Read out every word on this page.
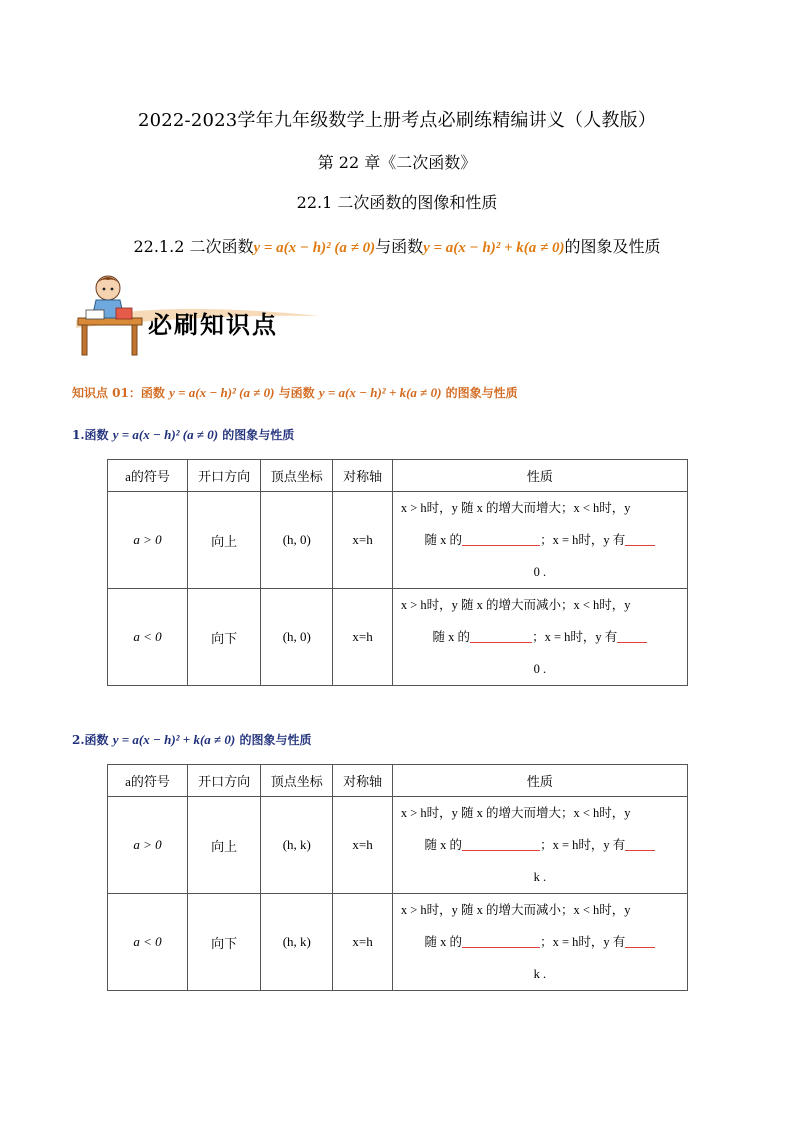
2022-2023学年九年级数学上册考点必刷练精编讲义（人教版）
第 22 章《二次函数》
22.1 二次函数的图像和性质
22.1.2 二次函数y = a(x − h)² (a ≠ 0)与函数y = a(x − h)² + k(a ≠ 0)的图象及性质
必刷知识点
知识点 01：函数 y = a(x − h)² (a ≠ 0) 与函数 y = a(x − h)² + k(a ≠ 0) 的图象与性质
1.函数 y = a(x − h)² (a ≠ 0) 的图象与性质
a的符号	开口方向	顶点坐标	对称轴	性质
a > 0	向上	(h, 0)	x=h	x > h时，y 随 x 的增大而增大；x < h时，y
随 x 的 ；x = h时，y 有
0 .

a < 0	向下	(h, 0)	x=h	x > h时，y 随 x 的增大而减小；x < h时，y
随 x 的 ；x = h时，y 有
0 .
2.函数 y = a(x − h)² + k(a ≠ 0) 的图象与性质
a的符号	开口方向	顶点坐标	对称轴	性质
a > 0	向上	(h, k)	x=h	x > h时，y 随 x 的增大而增大；x < h时，y
随 x 的 ；x = h时，y 有
k .

a < 0	向下	(h, k)	x=h	x > h时，y 随 x 的增大而减小；x < h时，y
随 x 的 ；x = h时，y 有
k .
